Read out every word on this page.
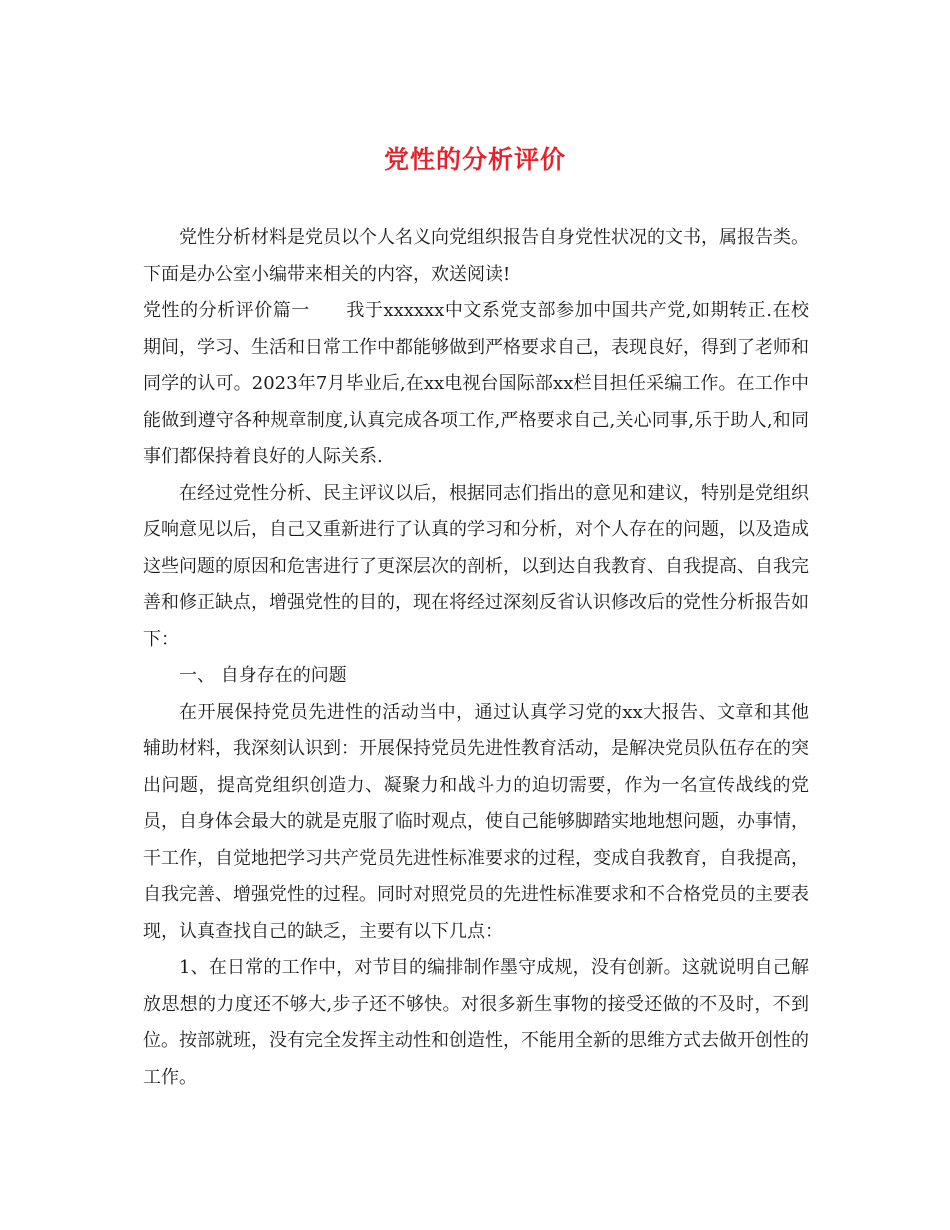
党性的分析评价

党性分析材料是党员以个人名义向党组织报告自身党性状况的文书，属报告类。下面是办公室小编带来相关的内容，欢送阅读!

党性的分析评价篇一 我于xxxxxx中文系党支部参加中国共产党,如期转正.在校期间，学习、生活和日常工作中都能够做到严格要求自己，表现良好，得到了老师和同学的认可。2023年7月毕业后,在xx电视台国际部xx栏目担任采编工作。在工作中能做到遵守各种规章制度,认真完成各项工作,严格要求自己,关心同事,乐于助人,和同事们都保持着良好的人际关系.

在经过党性分析、民主评议以后，根据同志们指出的意见和建议，特别是党组织反响意见以后，自己又重新进行了认真的学习和分析，对个人存在的问题，以及造成这些问题的原因和危害进行了更深层次的剖析，以到达自我教育、自我提高、自我完善和修正缺点，增强党性的目的，现在将经过深刻反省认识修改后的党性分析报告如下：

一、 自身存在的问题

在开展保持党员先进性的活动当中，通过认真学习党的xx大报告、文章和其他辅助材料，我深刻认识到：开展保持党员先进性教育活动，是解决党员队伍存在的突出问题，提高党组织创造力、凝聚力和战斗力的迫切需要，作为一名宣传战线的党员，自身体会最大的就是克服了临时观点，使自己能够脚踏实地地想问题，办事情，干工作，自觉地把学习共产党员先进性标准要求的过程，变成自我教育，自我提高，自我完善、增强党性的过程。同时对照党员的先进性标准要求和不合格党员的主要表现，认真查找自己的缺乏，主要有以下几点：

1、在日常的工作中，对节目的编排制作墨守成规，没有创新。这就说明自己解放思想的力度还不够大,步子还不够快。对很多新生事物的接受还做的不及时，不到位。按部就班，没有完全发挥主动性和创造性，不能用全新的思维方式去做开创性的工作。
